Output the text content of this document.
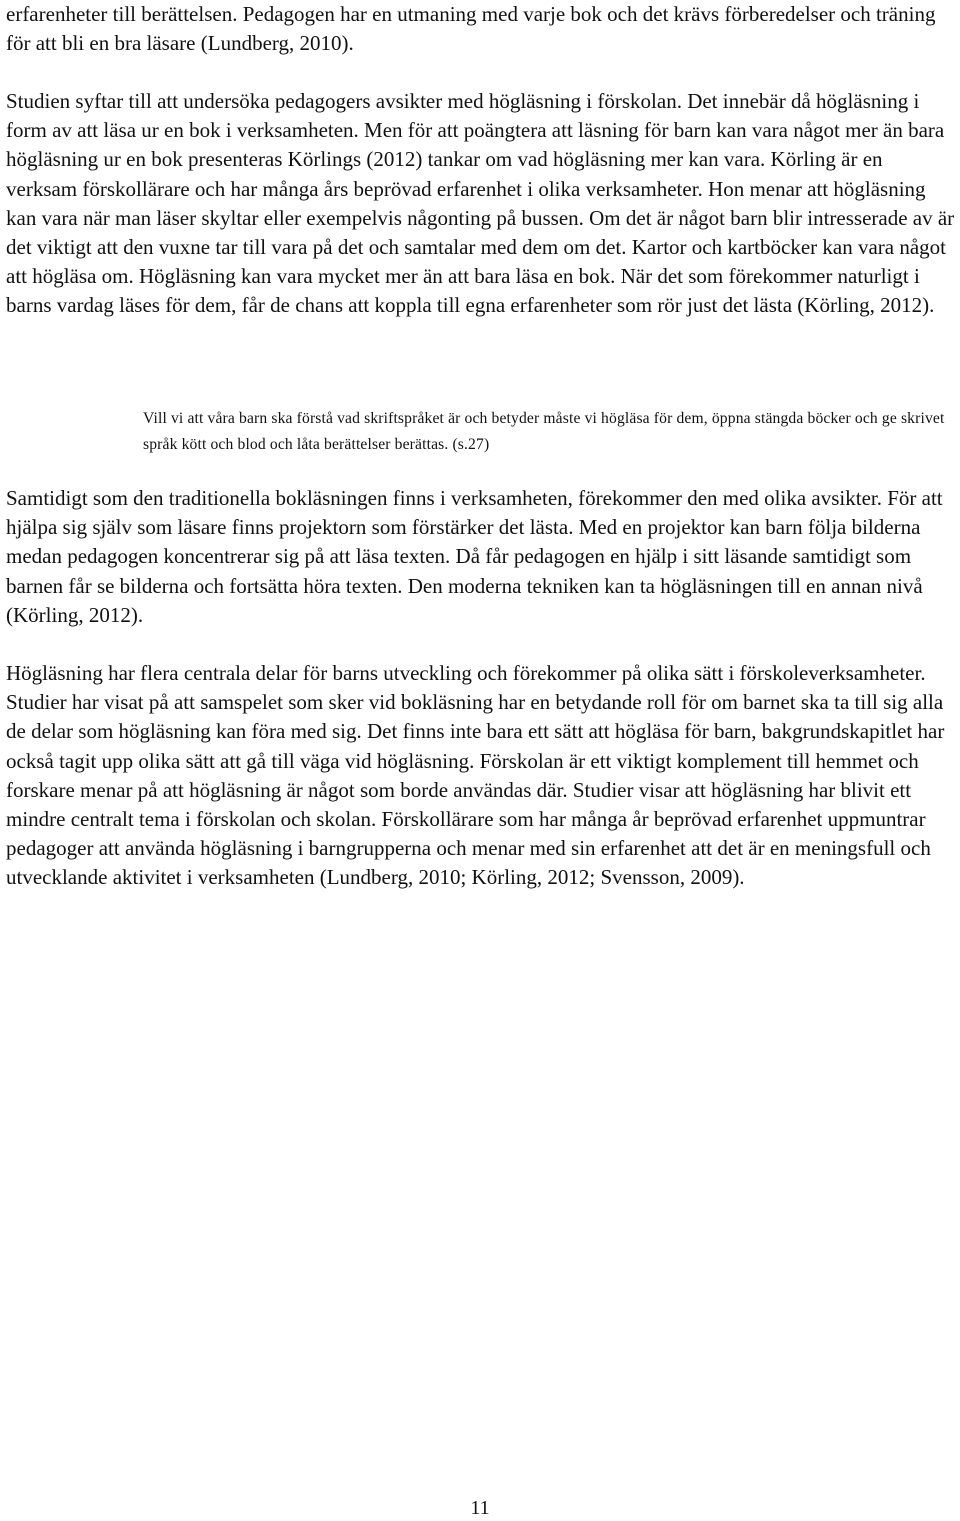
erfarenheter till berättelsen. Pedagogen har en utmaning med varje bok och det krävs förberedelser och träning för att bli en bra läsare (Lundberg, 2010).

Studien syftar till att undersöka pedagogers avsikter med högläsning i förskolan. Det innebär då högläsning i form av att läsa ur en bok i verksamheten. Men för att poängtera att läsning för barn kan vara något mer än bara högläsning ur en bok presenteras Körlings (2012) tankar om vad högläsning mer kan vara. Körling är en verksam förskollärare och har många års beprövad erfarenhet i olika verksamheter. Hon menar att högläsning kan vara när man läser skyltar eller exempelvis någonting på bussen. Om det är något barn blir intresserade av är det viktigt att den vuxne tar till vara på det och samtalar med dem om det. Kartor och kartböcker kan vara något att högläsa om. Högläsning kan vara mycket mer än att bara läsa en bok. När det som förekommer naturligt i barns vardag läses för dem, får de chans att koppla till egna erfarenheter som rör just det lästa (Körling, 2012).

Vill vi att våra barn ska förstå vad skriftspråket är och betyder måste vi högläsa för dem, öppna stängda böcker och ge skrivet språk kött och blod och låta berättelser berättas. (s.27)

Samtidigt som den traditionella bokläsningen finns i verksamheten, förekommer den med olika avsikter. För att hjälpa sig själv som läsare finns projektorn som förstärker det lästa. Med en projektor kan barn följa bilderna medan pedagogen koncentrerar sig på att läsa texten. Då får pedagogen en hjälp i sitt läsande samtidigt som barnen får se bilderna och fortsätta höra texten. Den moderna tekniken kan ta högläsningen till en annan nivå (Körling, 2012).

Högläsning har flera centrala delar för barns utveckling och förekommer på olika sätt i förskoleverksamheter. Studier har visat på att samspelet som sker vid bokläsning har en betydande roll för om barnet ska ta till sig alla de delar som högläsning kan föra med sig. Det finns inte bara ett sätt att högläsa för barn, bakgrundskapitlet har också tagit upp olika sätt att gå till väga vid högläsning. Förskolan är ett viktigt komplement till hemmet och forskare menar på att högläsning är något som borde användas där. Studier visar att högläsning har blivit ett mindre centralt tema i förskolan och skolan. Förskollärare som har många år beprövad erfarenhet uppmuntrar pedagoger att använda högläsning i barngrupperna och menar med sin erfarenhet att det är en meningsfull och utvecklande aktivitet i verksamheten (Lundberg, 2010; Körling, 2012; Svensson, 2009).

11
